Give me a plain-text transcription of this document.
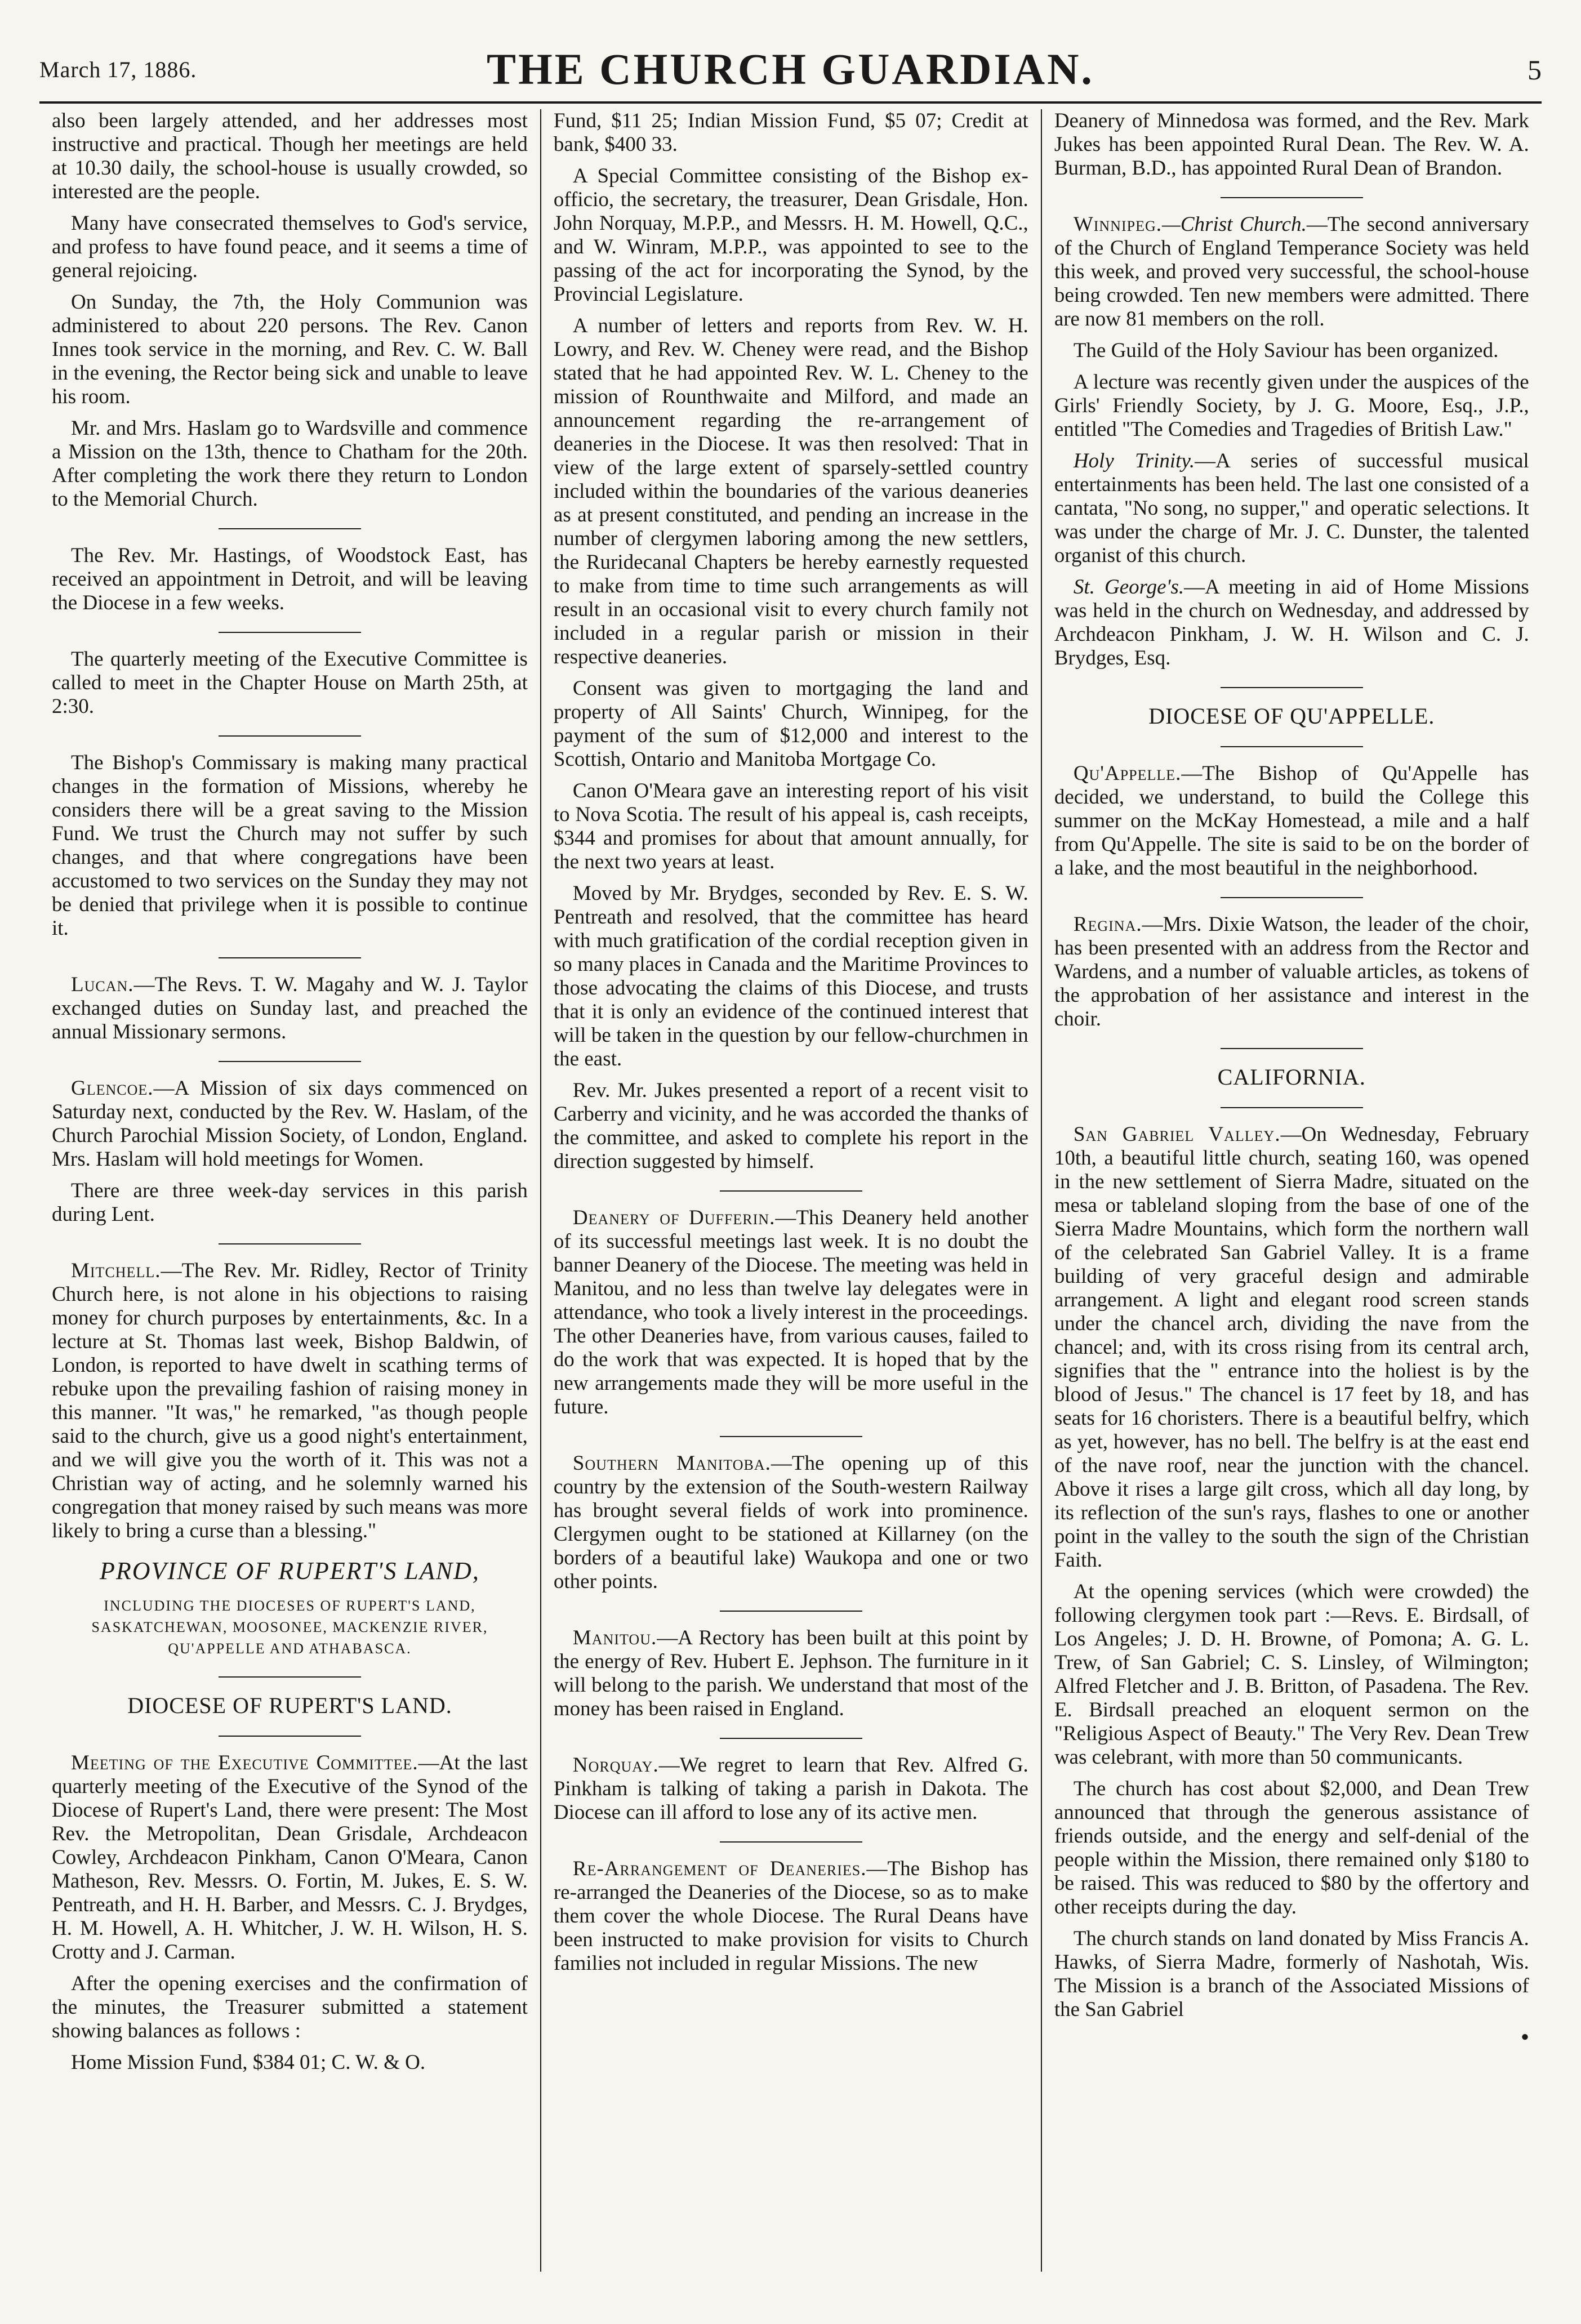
March 17, 1886.	THE CHURCH GUARDIAN.	5

also been largely attended, and her addresses most instructive and practical. Though her meetings are held at 10.30 daily, the school-house is usually crowded, so interested are the people.

Many have consecrated themselves to God's service, and profess to have found peace, and it seems a time of general rejoicing.

On Sunday, the 7th, the Holy Communion was administered to about 220 persons. The Rev. Canon Innes took service in the morning, and Rev. C. W. Ball in the evening, the Rector being sick and unable to leave his room.

Mr. and Mrs. Haslam go to Wardsville and commence a Mission on the 13th, thence to Chatham for the 20th. After completing the work there they return to London to the Memorial Church.

The Rev. Mr. Hastings, of Woodstock East, has received an appointment in Detroit, and will be leaving the Diocese in a few weeks.

The quarterly meeting of the Executive Committee is called to meet in the Chapter House on Marth 25th, at 2:30.

The Bishop's Commissary is making many practical changes in the formation of Missions, whereby he considers there will be a great saving to the Mission Fund. We trust the Church may not suffer by such changes, and that where congregations have been accustomed to two services on the Sunday they may not be denied that privilege when it is possible to continue it.

Lucan.—The Revs. T. W. Magahy and W. J. Taylor exchanged duties on Sunday last, and preached the annual Missionary sermons.

Glencoe.—A Mission of six days commenced on Saturday next, conducted by the Rev. W. Haslam, of the Church Parochial Mission Society, of London, England. Mrs. Haslam will hold meetings for Women.

There are three week-day services in this parish during Lent.

Mitchell.—The Rev. Mr. Ridley, Rector of Trinity Church here, is not alone in his objections to raising money for church purposes by entertainments, &c. In a lecture at St. Thomas last week, Bishop Baldwin, of London, is reported to have dwelt in scathing terms of rebuke upon the prevailing fashion of raising money in this manner. "It was," he remarked, "as though people said to the church, give us a good night's entertainment, and we will give you the worth of it. This was not a Christian way of acting, and he solemnly warned his congregation that money raised by such means was more likely to bring a curse than a blessing."

PROVINCE OF RUPERT'S LAND,
INCLUDING THE DIOCESES OF RUPERT'S LAND, SASKATCHEWAN, MOOSONEE, MACKENZIE RIVER, QU'APPELLE AND ATHABASCA.
DIOCESE OF RUPERT'S LAND.

Meeting of the Executive Committee.—At the last quarterly meeting of the Executive of the Synod of the Diocese of Rupert's Land, there were present: The Most Rev. the Metropolitan, Dean Grisdale, Archdeacon Cowley, Archdeacon Pinkham, Canon O'Meara, Canon Matheson, Rev. Messrs. O. Fortin, M. Jukes, E. S. W. Pentreath, and H. H. Barber, and Messrs. C. J. Brydges, H. M. Howell, A. H. Whitcher, J. W. H. Wilson, H. S. Crotty and J. Carman.

After the opening exercises and the confirmation of the minutes, the Treasurer submitted a statement showing balances as follows :

Home Mission Fund, $384 01; C. W. & O.

Fund, $11 25; Indian Mission Fund, $5 07; Credit at bank, $400 33.

A Special Committee consisting of the Bishop ex-officio, the secretary, the treasurer, Dean Grisdale, Hon. John Norquay, M.P.P., and Messrs. H. M. Howell, Q.C., and W. Winram, M.P.P., was appointed to see to the passing of the act for incorporating the Synod, by the Provincial Legislature.

A number of letters and reports from Rev. W. H. Lowry, and Rev. W. Cheney were read, and the Bishop stated that he had appointed Rev. W. L. Cheney to the mission of Rounthwaite and Milford, and made an announcement regarding the re-arrangement of deaneries in the Diocese. It was then resolved: That in view of the large extent of sparsely-settled country included within the boundaries of the various deaneries as at present constituted, and pending an increase in the number of clergymen laboring among the new settlers, the Ruridecanal Chapters be hereby earnestly requested to make from time to time such arrangements as will result in an occasional visit to every church family not included in a regular parish or mission in their respective deaneries.

Consent was given to mortgaging the land and property of All Saints' Church, Winnipeg, for the payment of the sum of $12,000 and interest to the Scottish, Ontario and Manitoba Mortgage Co.

Canon O'Meara gave an interesting report of his visit to Nova Scotia. The result of his appeal is, cash receipts, $344 and promises for about that amount annually, for the next two years at least.

Moved by Mr. Brydges, seconded by Rev. E. S. W. Pentreath and resolved, that the committee has heard with much gratification of the cordial reception given in so many places in Canada and the Maritime Provinces to those advocating the claims of this Diocese, and trusts that it is only an evidence of the continued interest that will be taken in the question by our fellow-churchmen in the east.

Rev. Mr. Jukes presented a report of a recent visit to Carberry and vicinity, and he was accorded the thanks of the committee, and asked to complete his report in the direction suggested by himself.

Deanery of Dufferin.—This Deanery held another of its successful meetings last week. It is no doubt the banner Deanery of the Diocese. The meeting was held in Manitou, and no less than twelve lay delegates were in attendance, who took a lively interest in the proceedings. The other Deaneries have, from various causes, failed to do the work that was expected. It is hoped that by the new arrangements made they will be more useful in the future.

Southern Manitoba.—The opening up of this country by the extension of the South-western Railway has brought several fields of work into prominence. Clergymen ought to be stationed at Killarney (on the borders of a beautiful lake) Waukopa and one or two other points.

Manitou.—A Rectory has been built at this point by the energy of Rev. Hubert E. Jephson. The furniture in it will belong to the parish. We understand that most of the money has been raised in England.

Norquay.—We regret to learn that Rev. Alfred G. Pinkham is talking of taking a parish in Dakota. The Diocese can ill afford to lose any of its active men.

Re-Arrangement of Deaneries.—The Bishop has re-arranged the Deaneries of the Diocese, so as to make them cover the whole Diocese. The Rural Deans have been instructed to make provision for visits to Church families not included in regular Missions. The new

Deanery of Minnedosa was formed, and the Rev. Mark Jukes has been appointed Rural Dean. The Rev. W. A. Burman, B.D., has appointed Rural Dean of Brandon.

Winnipeg.—Christ Church.—The second anniversary of the Church of England Temperance Society was held this week, and proved very successful, the school-house being crowded. Ten new members were admitted. There are now 81 members on the roll.

The Guild of the Holy Saviour has been organized.

A lecture was recently given under the auspices of the Girls' Friendly Society, by J. G. Moore, Esq., J.P., entitled "The Comedies and Tragedies of British Law."

Holy Trinity.—A series of successful musical entertainments has been held. The last one consisted of a cantata, "No song, no supper," and operatic selections. It was under the charge of Mr. J. C. Dunster, the talented organist of this church.

St. George's.—A meeting in aid of Home Missions was held in the church on Wednesday, and addressed by Archdeacon Pinkham, J. W. H. Wilson and C. J. Brydges, Esq.

DIOCESE OF QU'APPELLE.

Qu'Appelle.—The Bishop of Qu'Appelle has decided, we understand, to build the College this summer on the McKay Homestead, a mile and a half from Qu'Appelle. The site is said to be on the border of a lake, and the most beautiful in the neighborhood.

Regina.—Mrs. Dixie Watson, the leader of the choir, has been presented with an address from the Rector and Wardens, and a number of valuable articles, as tokens of the approbation of her assistance and interest in the choir.

CALIFORNIA.

San Gabriel Valley.—On Wednesday, February 10th, a beautiful little church, seating 160, was opened in the new settlement of Sierra Madre, situated on the mesa or tableland sloping from the base of one of the Sierra Madre Mountains, which form the northern wall of the celebrated San Gabriel Valley. It is a frame building of very graceful design and admirable arrangement. A light and elegant rood screen stands under the chancel arch, dividing the nave from the chancel; and, with its cross rising from its central arch, signifies that the " entrance into the holiest is by the blood of Jesus." The chancel is 17 feet by 18, and has seats for 16 choristers. There is a beautiful belfry, which as yet, however, has no bell. The belfry is at the east end of the nave roof, near the junction with the chancel. Above it rises a large gilt cross, which all day long, by its reflection of the sun's rays, flashes to one or another point in the valley to the south the sign of the Christian Faith.

At the opening services (which were crowded) the following clergymen took part :—Revs. E. Birdsall, of Los Angeles; J. D. H. Browne, of Pomona; A. G. L. Trew, of San Gabriel; C. S. Linsley, of Wilmington; Alfred Fletcher and J. B. Britton, of Pasadena. The Rev. E. Birdsall preached an eloquent sermon on the "Religious Aspect of Beauty." The Very Rev. Dean Trew was celebrant, with more than 50 communicants.

The church has cost about $2,000, and Dean Trew announced that through the generous assistance of friends outside, and the energy and self-denial of the people within the Mission, there remained only $180 to be raised. This was reduced to $80 by the offertory and other receipts during the day.

The church stands on land donated by Miss Francis A. Hawks, of Sierra Madre, formerly of Nashotah, Wis. The Mission is a branch of the Associated Missions of the San Gabriel

●
